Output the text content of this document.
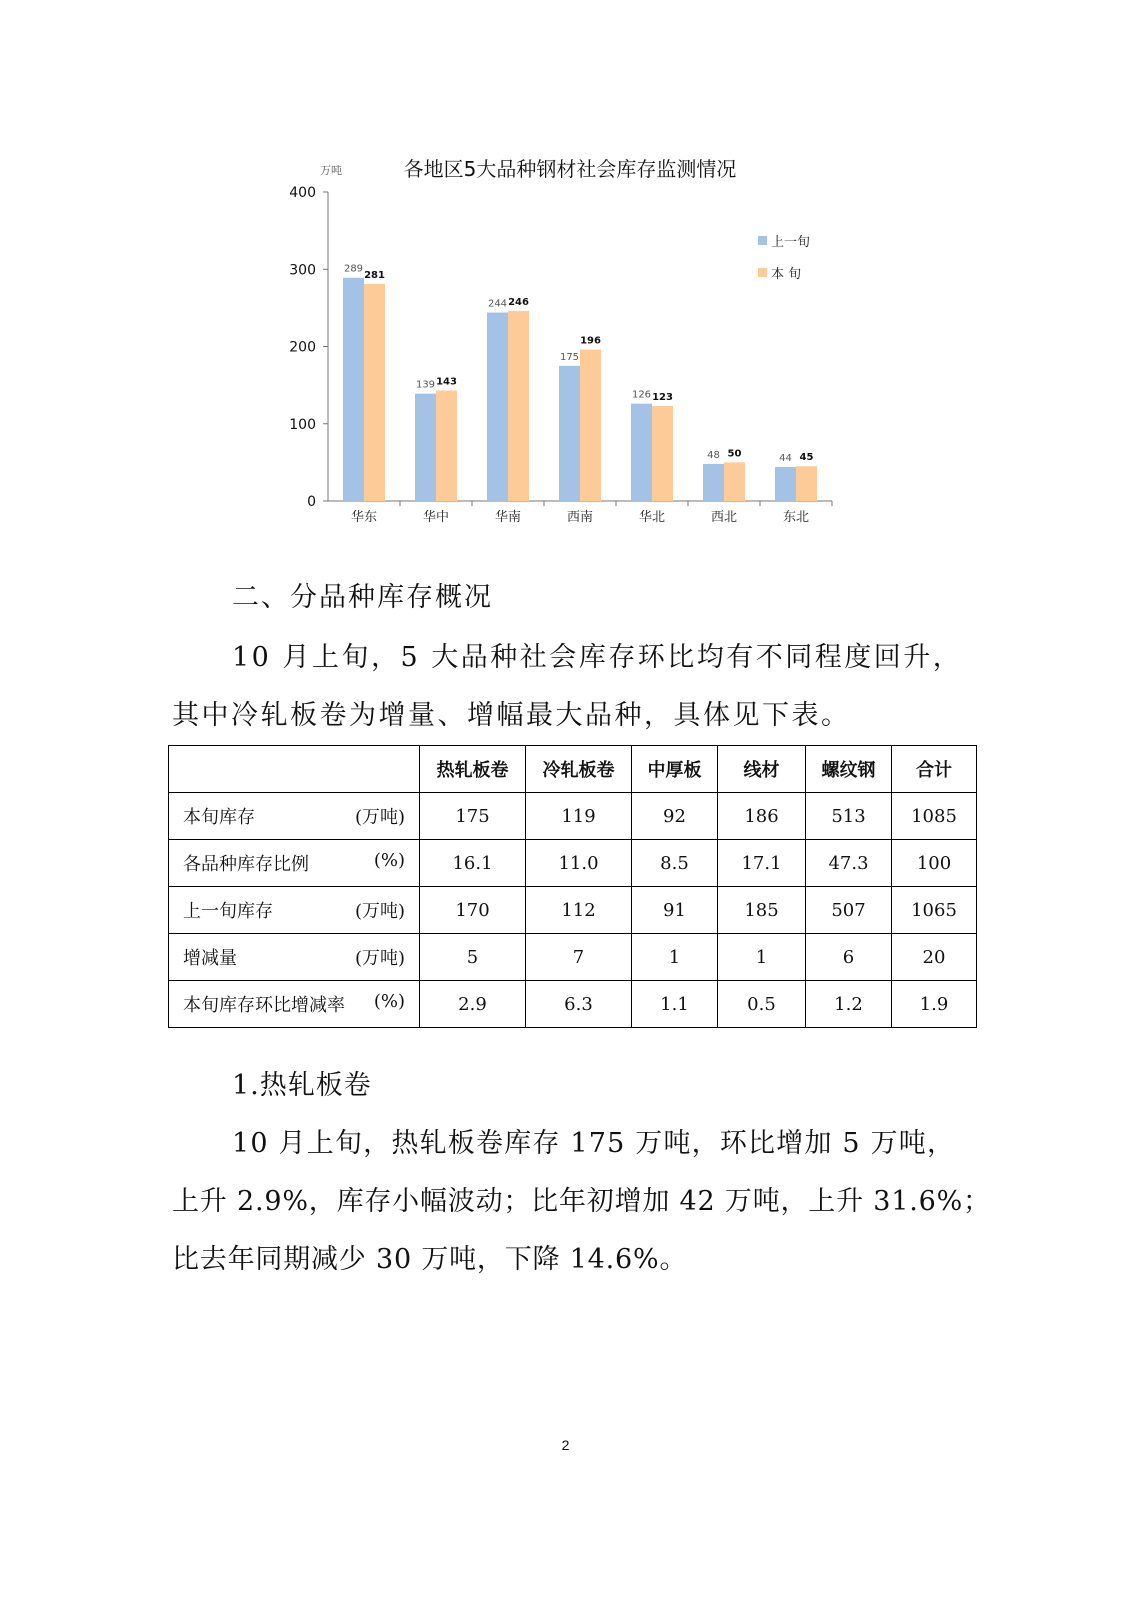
各地区5大品种钢材社会库存监测情况
万吨
0
100
200
300
400
华东
289
281
华中
139 143
华南
244 246
西南
175
196
华北
126 123
西北
48 50
东北
44 45
上一旬
本 旬

二、分品种库存概况

10 月上旬，5 大品种社会库存环比均有不同程度回升，

其中冷轧板卷为增量、增幅最大品种，具体见下表。

	热轧板卷	冷轧板卷	中厚板	线材	螺纹钢	合计

本旬库存 (万吨)	175	119	92	186	513	1085

各品种库存比例 (%)	16.1	11.0	8.5	17.1	47.3	100

上一旬库存 (万吨)	170	112	91	185	507	1065

增减量 (万吨)	5	7	1	1	6	20

本旬库存环比增减率 (%)	2.9	6.3	1.1	0.5	1.2	1.9

1.热轧板卷

10 月上旬，热轧板卷库存 175 万吨，环比增加 5 万吨，

上升 2.9%，库存小幅波动；比年初增加 42 万吨，上升 31.6%；

比去年同期减少 30 万吨，下降 14.6%。

2
